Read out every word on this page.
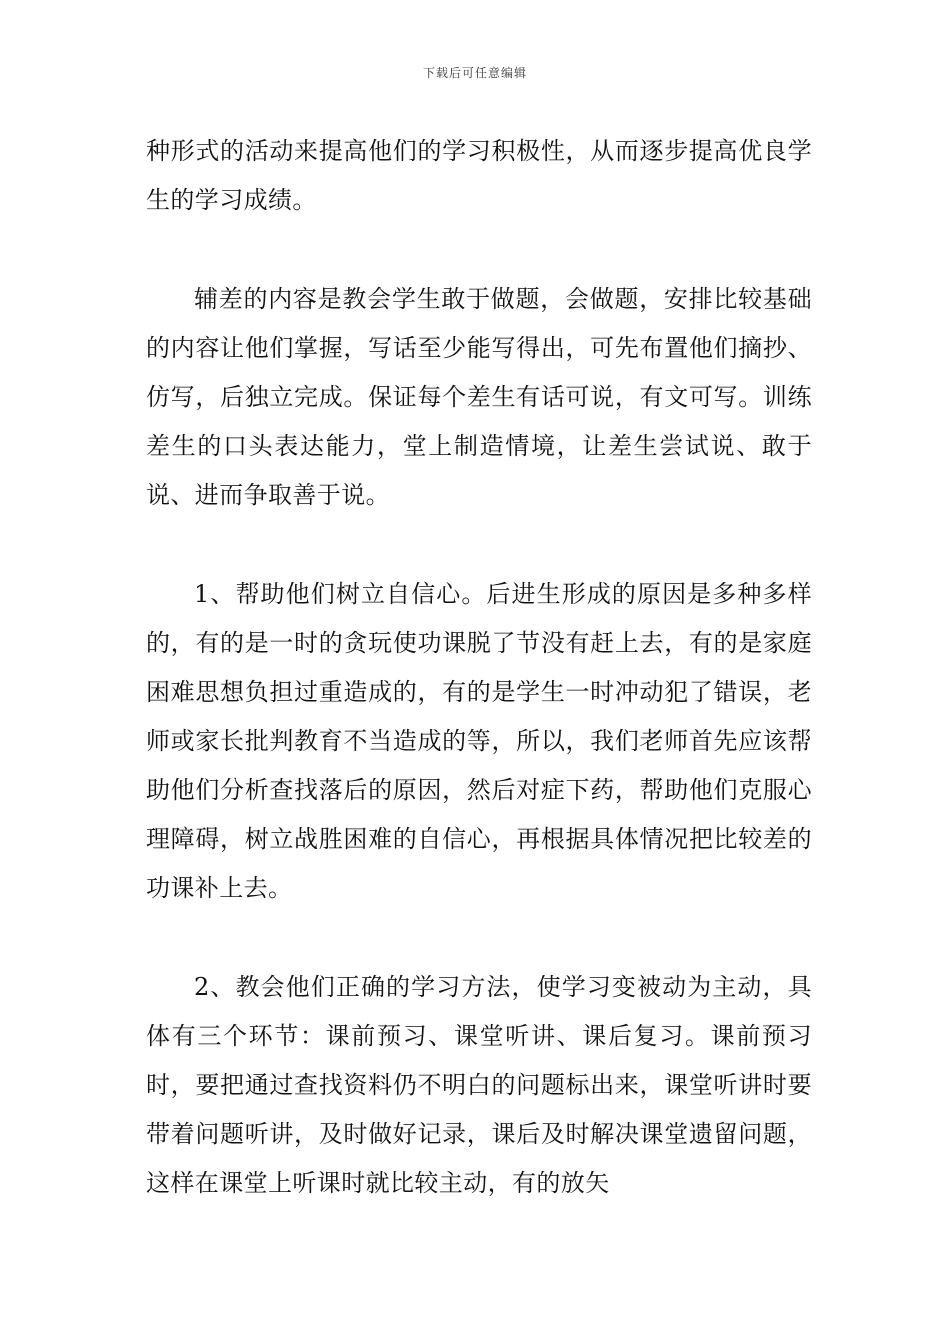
下载后可任意编辑

种形式的活动来提高他们的学习积极性，从而逐步提高优良学生的学习成绩。

辅差的内容是教会学生敢于做题，会做题，安排比较基础的内容让他们掌握，写话至少能写得出，可先布置他们摘抄、仿写，后独立完成。保证每个差生有话可说，有文可写。训练差生的口头表达能力，堂上制造情境，让差生尝试说、敢于说、进而争取善于说。

1、帮助他们树立自信心。后进生形成的原因是多种多样的，有的是一时的贪玩使功课脱了节没有赶上去，有的是家庭困难思想负担过重造成的，有的是学生一时冲动犯了错误，老师或家长批判教育不当造成的等，所以，我们老师首先应该帮助他们分析查找落后的原因，然后对症下药，帮助他们克服心理障碍，树立战胜困难的自信心，再根据具体情况把比较差的功课补上去。

2、教会他们正确的学习方法，使学习变被动为主动，具体有三个环节：课前预习、课堂听讲、课后复习。课前预习时，要把通过查找资料仍不明白的问题标出来，课堂听讲时要带着问题听讲，及时做好记录，课后及时解决课堂遗留问题，这样在课堂上听课时就比较主动，有的放矢
